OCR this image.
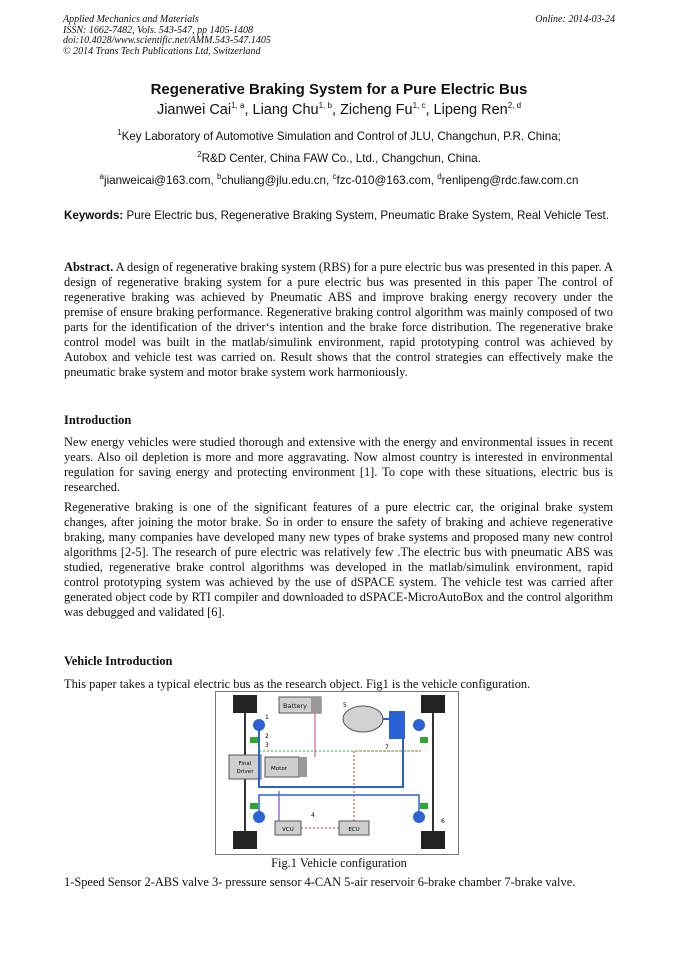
Applied Mechanics and Materials
ISSN: 1662-7482, Vols. 543-547, pp 1405-1408
doi:10.4028/www.scientific.net/AMM.543-547.1405
© 2014 Trans Tech Publications Ltd, Switzerland
Online: 2014-03-24
Regenerative Braking System for a Pure Electric Bus
Jianwei Cai$^{1, a}$, Liang Chu$^{1, b}$, Zicheng Fu$^{1, c}$, Lipeng Ren$^{2, d}$
$^1$Key Laboratory of Automotive Simulation and Control of JLU, Changchun, P.R. China;
$^2$R&D Center, China FAW Co., Ltd., Changchun, China.
$^a$jianweicai@163.com, $^b$chuliang@jlu.edu.cn, $^c$fzc-010@163.com, $^d$renlipeng@rdc.faw.com.cn
Keywords: Pure Electric bus, Regenerative Braking System, Pneumatic Brake System, Real Vehicle Test.
Abstract. A design of regenerative braking system (RBS) for a pure electric bus was presented in this paper. A design of regenerative braking system for a pure electric bus was presented in this paper The control of regenerative braking was achieved by Pneumatic ABS and improve braking energy recovery under the premise of ensure braking performance. Regenerative braking control algorithm was mainly composed of two parts for the identification of the driver‘s intention and the brake force distribution. The regenerative brake control model was built in the matlab/simulink environment, rapid prototyping control was achieved by Autobox and vehicle test was carried on. Result shows that the control strategies can effectively make the pneumatic brake system and motor brake system work harmoniously.
Introduction
New energy vehicles were studied thorough and extensive with the energy and environmental issues in recent years. Also oil depletion is more and more aggravating. Now almost country is interested in environmental regulation for saving energy and protecting environment [1]. To cope with these situations, electric bus is researched.
Regenerative braking is one of the significant features of a pure electric car, the original brake system changes, after joining the motor brake. So in order to ensure the safety of braking and achieve regenerative braking, many companies have developed many new types of brake systems and proposed many new control algorithms [2-5]. The research of pure electric was relatively few .The electric bus with pneumatic ABS was studied, regenerative brake control algorithms was developed in the matlab/simulink environment, rapid control prototyping system was achieved by the use of dSPACE system. The vehicle test was carried after generated object code by RTI compiler and downloaded to dSPACE-MicroAutoBox and the control algorithm was debugged and validated [6].
Vehicle Introduction
This paper takes a typical electric bus as the research object. Fig1 is the vehicle configuration.
Battery
Final
Driver	Motor
VCU	ECU
1
2
3
4
5
6
7
Fig.1 Vehicle configuration
1-Speed Sensor 2-ABS valve 3- pressure sensor 4-CAN 5-air reservoir 6-brake chamber 7-brake valve.
